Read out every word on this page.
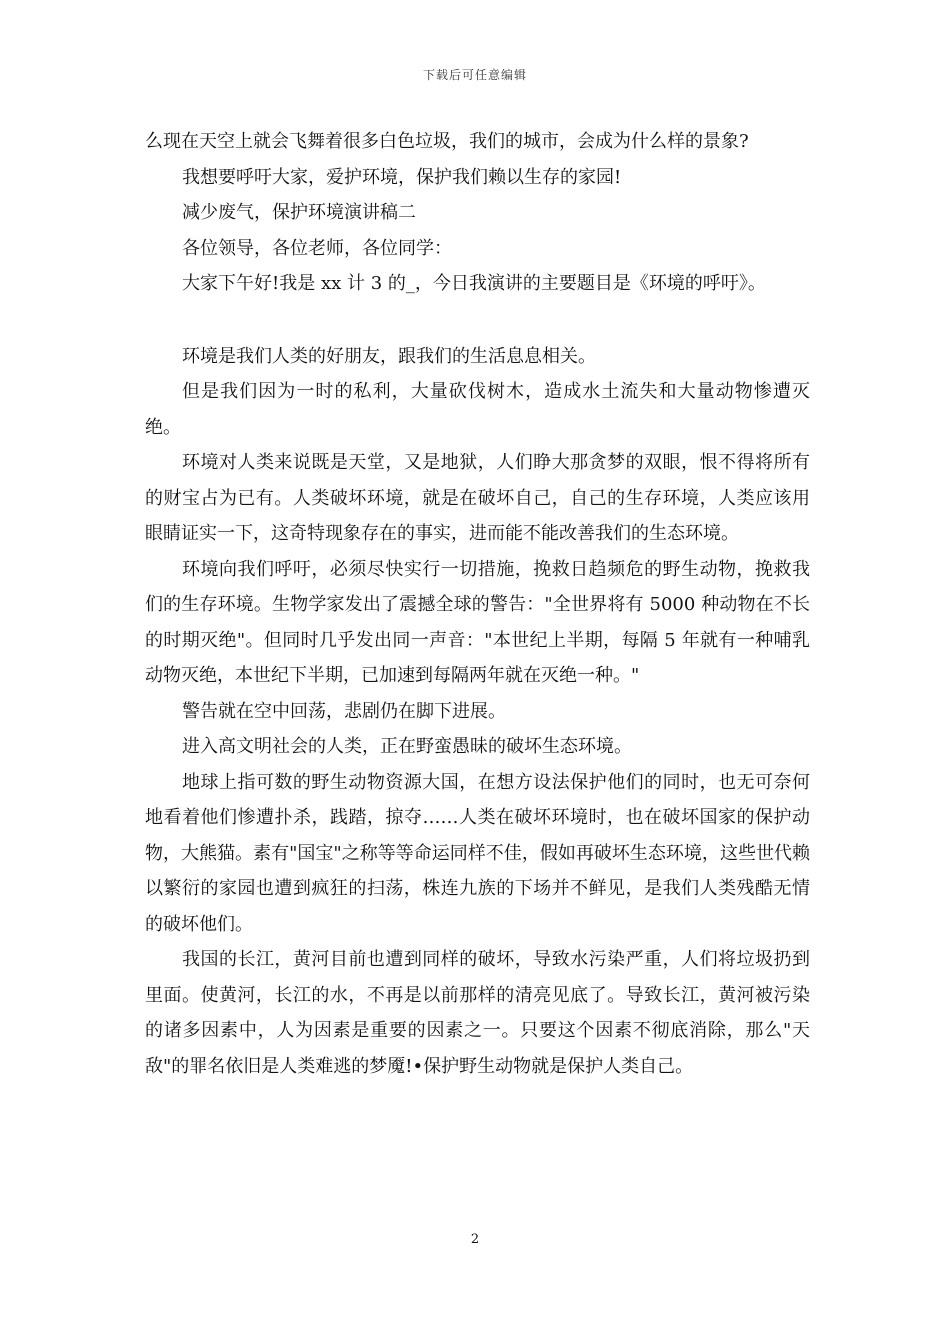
下载后可任意编辑

么现在天空上就会飞舞着很多白色垃圾，我们的城市，会成为什么样的景象?

我想要呼吁大家，爱护环境，保护我们赖以生存的家园!

减少废气，保护环境演讲稿二

各位领导，各位老师，各位同学：

大家下午好!我是 xx 计 3 的_，今日我演讲的主要题目是《环境的呼吁》。

环境是我们人类的好朋友，跟我们的生活息息相关。

但是我们因为一时的私利，大量砍伐树木，造成水土流失和大量动物惨遭灭绝。

环境对人类来说既是天堂，又是地狱，人们睁大那贪梦的双眼，恨不得将所有的财宝占为已有。人类破坏环境，就是在破坏自己，自己的生存环境，人类应该用眼睛证实一下，这奇特现象存在的事实，进而能不能改善我们的生态环境。

环境向我们呼吁，必须尽快实行一切措施，挽救日趋频危的野生动物，挽救我们的生存环境。生物学家发出了震撼全球的警告："全世界将有 5000 种动物在不长的时期灭绝"。但同时几乎发出同一声音："本世纪上半期，每隔 5 年就有一种哺乳动物灭绝，本世纪下半期，已加速到每隔两年就在灭绝一种。"

警告就在空中回荡，悲剧仍在脚下进展。

进入高文明社会的人类，正在野蛮愚昧的破坏生态环境。

地球上指可数的野生动物资源大国，在想方设法保护他们的同时，也无可奈何地看着他们惨遭扑杀，践踏，掠夺……人类在破坏环境时，也在破坏国家的保护动物，大熊猫。素有"国宝"之称等等命运同样不佳，假如再破坏生态环境，这些世代赖以繁衍的家园也遭到疯狂的扫荡，株连九族的下场并不鲜见，是我们人类残酷无情的破坏他们。

我国的长江，黄河目前也遭到同样的破坏，导致水污染严重，人们将垃圾扔到里面。使黄河，长江的水，不再是以前那样的清亮见底了。导致长江，黄河被污染的诸多因素中，人为因素是重要的因素之一。只要这个因素不彻底消除，那么"天敌"的罪名依旧是人类难逃的梦魇!•保护野生动物就是保护人类自己。

2
